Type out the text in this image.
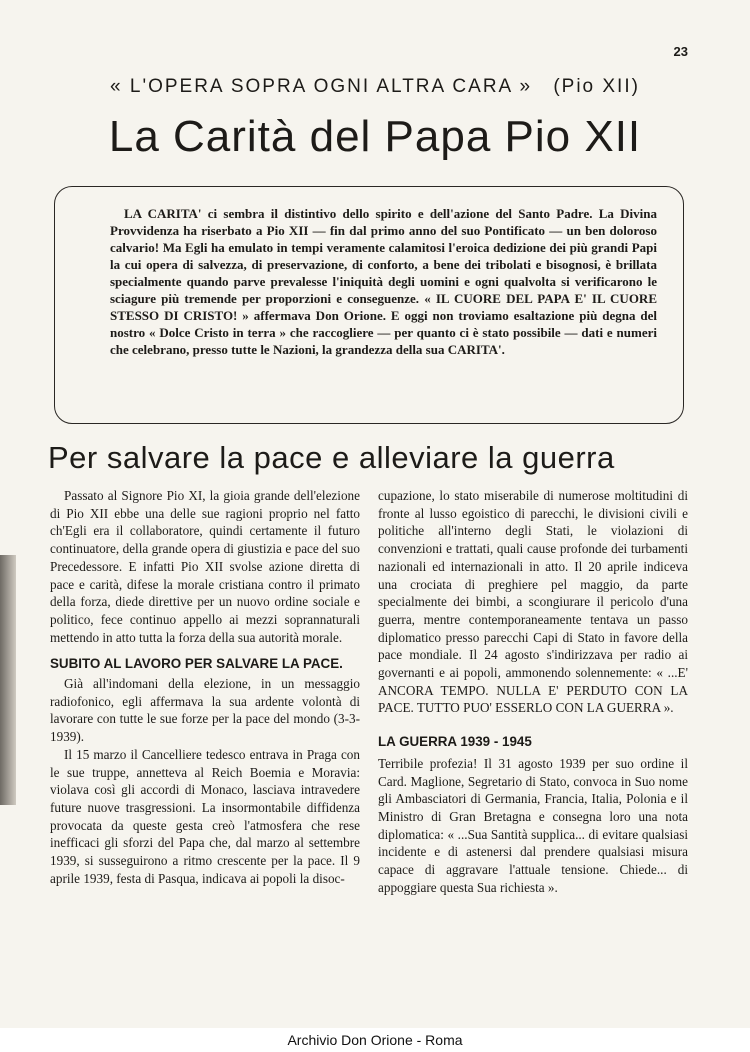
23
« L'OPERA SOPRA OGNI ALTRA CARA » (Pio XII)
La Carità del Papa Pio XII

LA CARITA' ci sembra il distintivo dello spirito e dell'azione del Santo Padre. La Divina Provvidenza ha riserbato a Pio XII — fin dal primo anno del suo Pontificato — un ben doloroso calvario! Ma Egli ha emulato in tempi veramente calamitosi l'eroica dedizione dei più grandi Papi la cui opera di salvezza, di preservazione, di conforto, a bene dei tribolati e bisognosi, è brillata specialmente quando parve prevalesse l'iniquità degli uomini e ogni qualvolta si verificarono le sciagure più tremende per proporzioni e conseguenze. « IL CUORE DEL PAPA E' IL CUORE STESSO DI CRISTO! » affermava Don Orione. E oggi non troviamo esaltazione più degna del nostro « Dolce Cristo in terra » che raccogliere — per quanto ci è stato possibile — dati e numeri che celebrano, presso tutte le Nazioni, la grandezza della sua CARITA'.

Per salvare la pace e alleviare la guerra

Passato al Signore Pio XI, la gioia grande dell'elezione di Pio XII ebbe una delle sue ragioni proprio nel fatto ch'Egli era il collaboratore, quindi certamente il futuro continuatore, della grande opera di giustizia e pace del suo Precedessore. E infatti Pio XII svolse azione diretta di pace e carità, difese la morale cristiana contro il primato della forza, diede direttive per un nuovo ordine sociale e politico, fece continuo appello ai mezzi soprannaturali mettendo in atto tutta la forza della sua autorità morale.

SUBITO AL LAVORO PER SALVARE LA PACE.

Già all'indomani della elezione, in un messaggio radiofonico, egli affermava la sua ardente volontà di lavorare con tutte le sue forze per la pace del mondo (3-3-1939).

Il 15 marzo il Cancelliere tedesco entrava in Praga con le sue truppe, annetteva al Reich Boemia e Moravia: violava così gli accordi di Monaco, lasciava intravedere future nuove trasgressioni. La insormontabile diffidenza provocata da queste gesta creò l'atmosfera che rese inefficaci gli sforzi del Papa che, dal marzo al settembre 1939, si susseguirono a ritmo crescente per la pace. Il 9 aprile 1939, festa di Pasqua, indicava ai popoli la disoc-

cupazione, lo stato miserabile di numerose moltitudini di fronte al lusso egoistico di parecchi, le divisioni civili e politiche all'interno degli Stati, le violazioni di convenzioni e trattati, quali cause profonde dei turbamenti nazionali ed internazionali in atto. Il 20 aprile indiceva una crociata di preghiere pel maggio, da parte specialmente dei bimbi, a scongiurare il pericolo d'una guerra, mentre contemporaneamente tentava un passo diplomatico presso parecchi Capi di Stato in favore della pace mondiale. Il 24 agosto s'indirizzava per radio ai governanti e ai popoli, ammonendo solennemente: « ...E' ANCORA TEMPO. NULLA E' PERDUTO CON LA PACE. TUTTO PUO' ESSERLO CON LA GUERRA ».

LA GUERRA 1939 - 1945

Terribile profezia! Il 31 agosto 1939 per suo ordine il Card. Maglione, Segretario di Stato, convoca in Suo nome gli Ambasciatori di Germania, Francia, Italia, Polonia e il Ministro di Gran Bretagna e consegna loro una nota diplomatica: « ...Sua Santità supplica... di evitare qualsiasi incidente e di astenersi dal prendere qualsiasi misura capace di aggravare l'attuale tensione. Chiede... di appoggiare questa Sua richiesta ».

Archivio Don Orione - Roma
